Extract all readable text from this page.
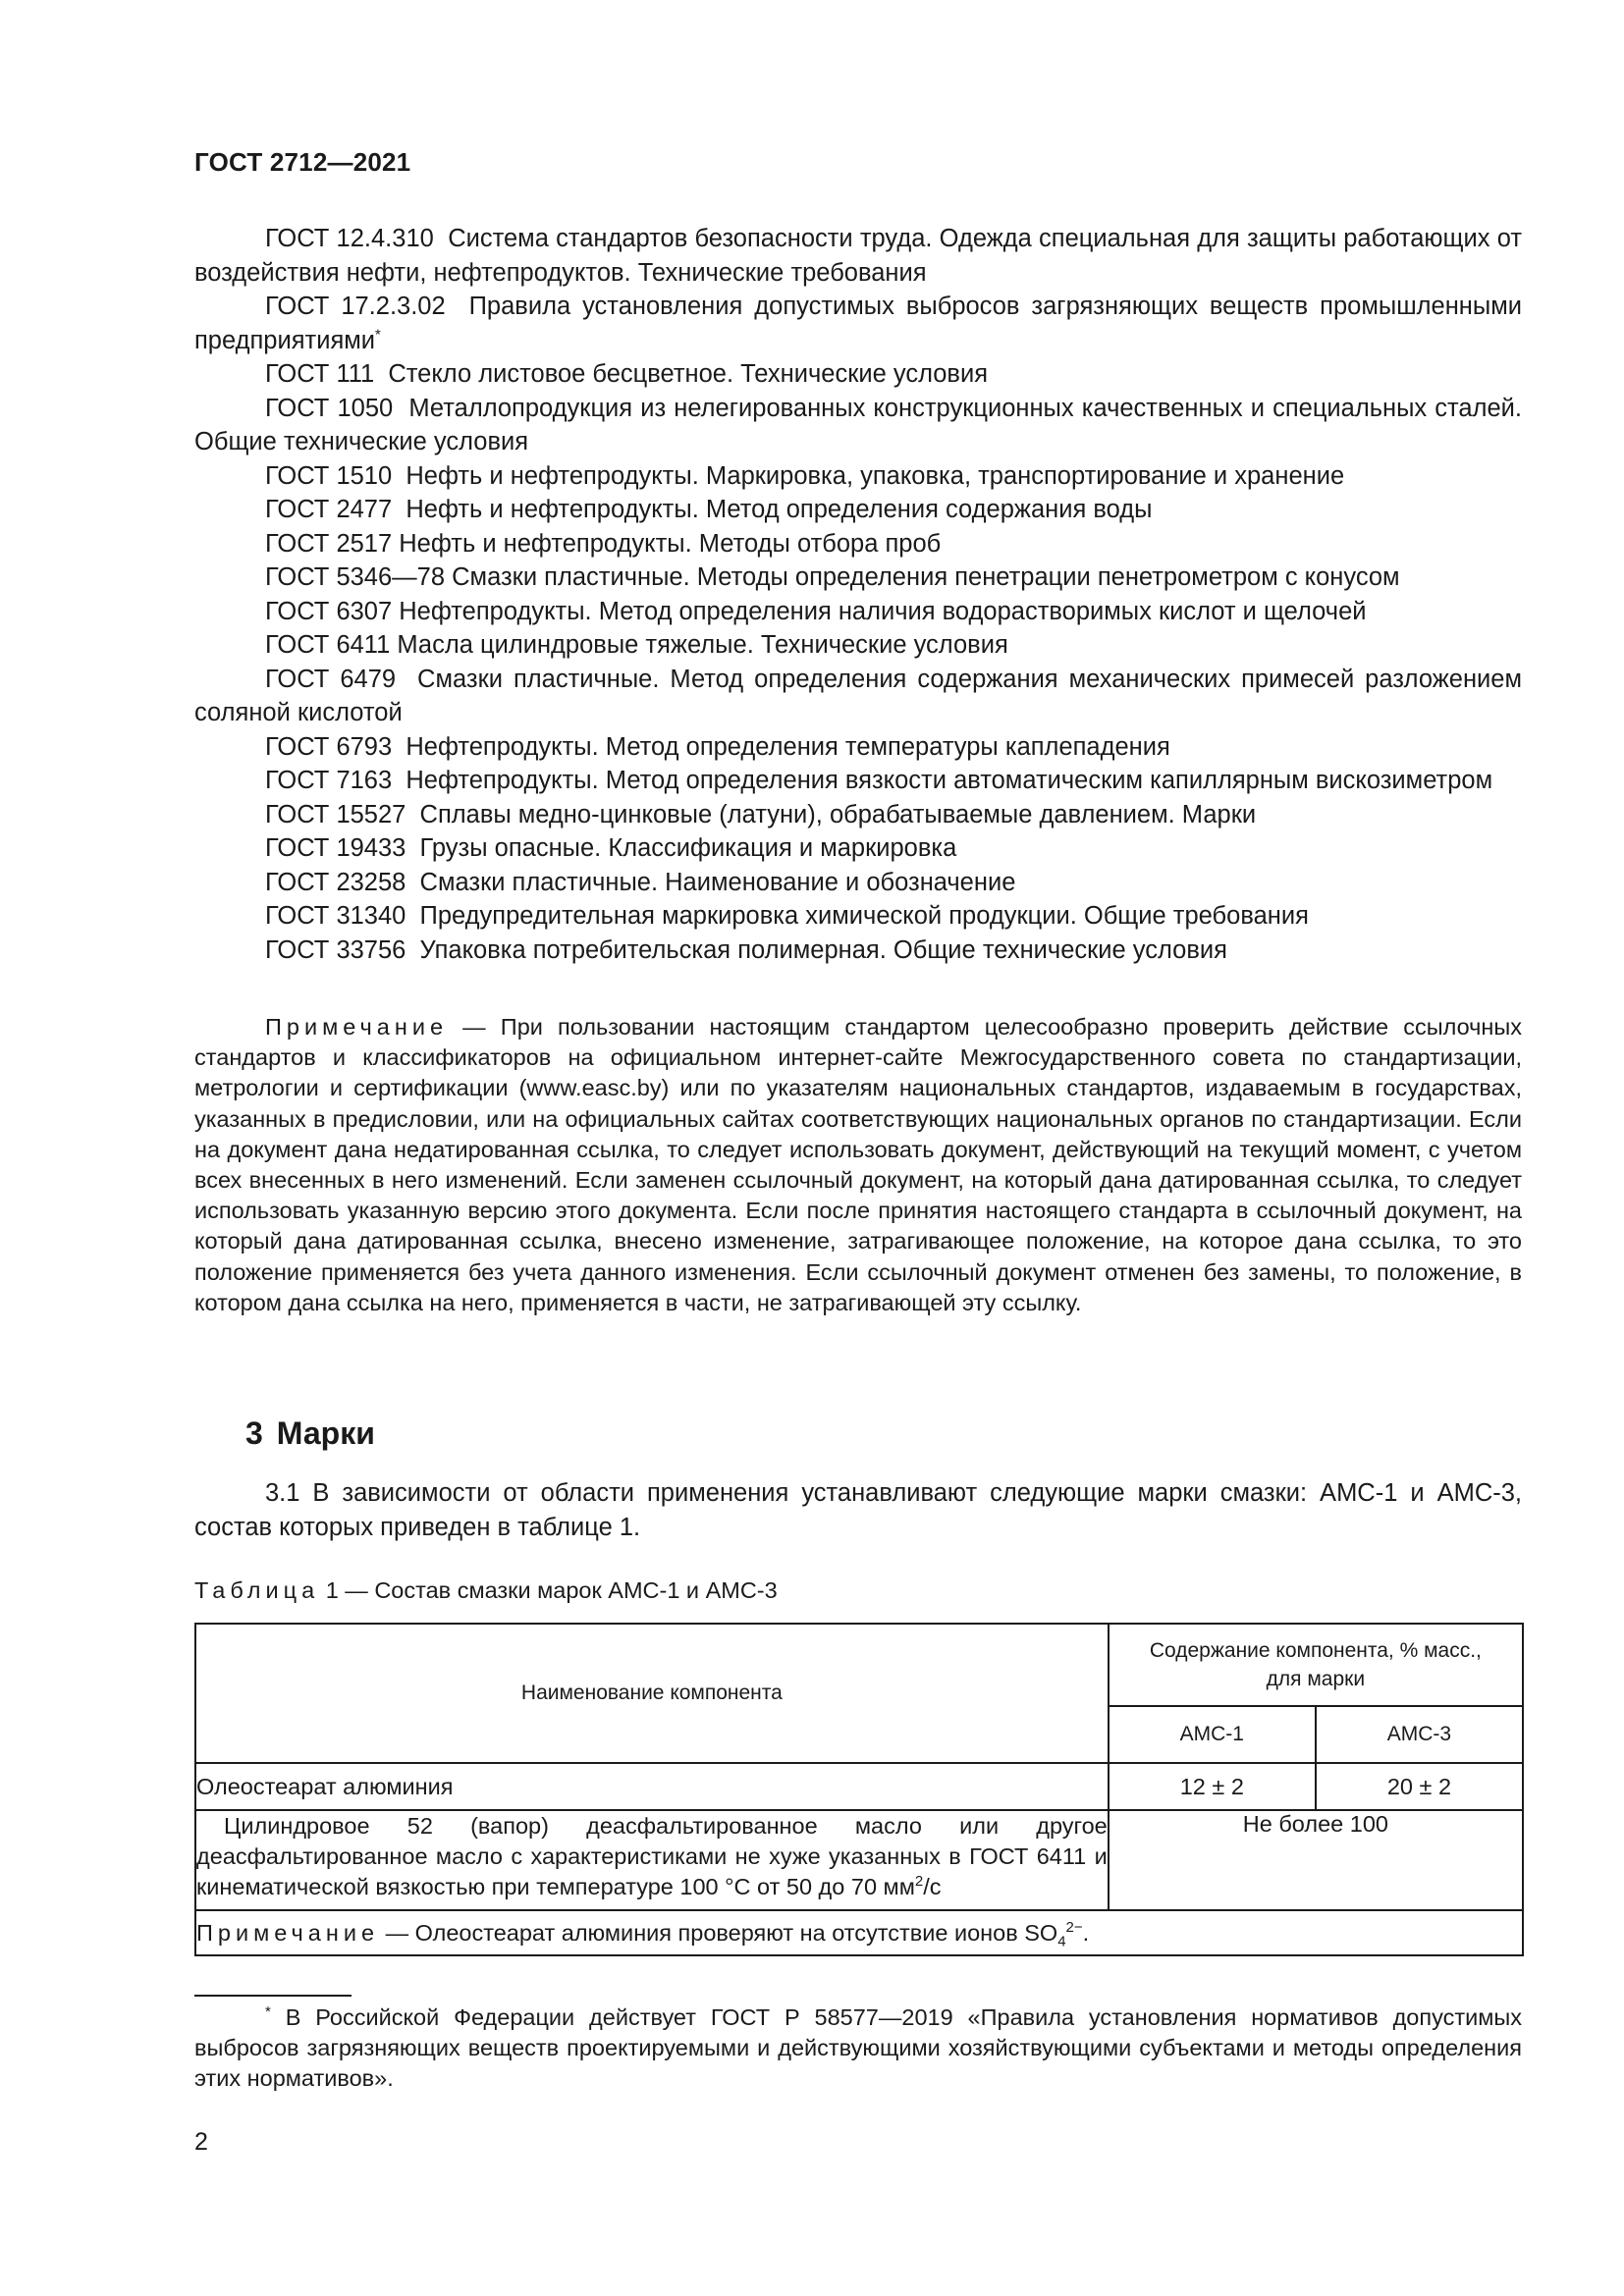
ГОСТ 2712—2021

ГОСТ 12.4.310 Система стандартов безопасности труда. Одежда специальная для защиты работающих от воздействия нефти, нефтепродуктов. Технические требования

ГОСТ 17.2.3.02 Правила установления допустимых выбросов загрязняющих веществ промышленными предприятиями*

ГОСТ 111 Стекло листовое бесцветное. Технические условия

ГОСТ 1050 Металлопродукция из нелегированных конструкционных качественных и специальных сталей. Общие технические условия

ГОСТ 1510 Нефть и нефтепродукты. Маркировка, упаковка, транспортирование и хранение

ГОСТ 2477 Нефть и нефтепродукты. Метод определения содержания воды

ГОСТ 2517 Нефть и нефтепродукты. Методы отбора проб

ГОСТ 5346—78 Смазки пластичные. Методы определения пенетрации пенетрометром с конусом

ГОСТ 6307 Нефтепродукты. Метод определения наличия водорастворимых кислот и щелочей

ГОСТ 6411 Масла цилиндровые тяжелые. Технические условия

ГОСТ 6479 Смазки пластичные. Метод определения содержания механических примесей разложением соляной кислотой

ГОСТ 6793 Нефтепродукты. Метод определения температуры каплепадения

ГОСТ 7163 Нефтепродукты. Метод определения вязкости автоматическим капиллярным вискозиметром

ГОСТ 15527 Сплавы медно-цинковые (латуни), обрабатываемые давлением. Марки

ГОСТ 19433 Грузы опасные. Классификация и маркировка

ГОСТ 23258 Смазки пластичные. Наименование и обозначение

ГОСТ 31340 Предупредительная маркировка химической продукции. Общие требования

ГОСТ 33756 Упаковка потребительская полимерная. Общие технические условия

Примечание — При пользовании настоящим стандартом целесообразно проверить действие ссылочных стандартов и классификаторов на официальном интернет-сайте Межгосударственного совета по стандартизации, метрологии и сертификации (www.easc.by) или по указателям национальных стандартов, издаваемым в государствах, указанных в предисловии, или на официальных сайтах соответствующих национальных органов по стандартизации. Если на документ дана недатированная ссылка, то следует использовать документ, действующий на текущий момент, с учетом всех внесенных в него изменений. Если заменен ссылочный документ, на который дана датированная ссылка, то следует использовать указанную версию этого документа. Если после принятия настоящего стандарта в ссылочный документ, на который дана датированная ссылка, внесено изменение, затрагивающее положение, на которое дана ссылка, то это положение применяется без учета данного изменения. Если ссылочный документ отменен без замены, то положение, в котором дана ссылка на него, применяется в части, не затрагивающей эту ссылку.

3 Марки

3.1 В зависимости от области применения устанавливают следующие марки смазки: АМС-1 и АМС-3, состав которых приведен в таблице 1.

Таблица 1 — Состав смазки марок АМС-1 и АМС-3

Наименование компонента	Содержание компонента, % масс.,
для марки	
	АМС-1	АМС-3
Олеостеарат алюминия	12 ± 2	20 ± 2
Цилиндровое 52 (вапор) деасфальтированное масло или другое деасфальтированное масло с характеристиками не хуже указанных в ГОСТ 6411 и кинематической вязкостью при температуре 100 °С от 50 до 70 $мм^2/с$	Не более 100	
Примечание — Олеостеарат алюминия проверяют на отсутствие ионов $SO_4^{2-}$.		

* В Российской Федерации действует ГОСТ Р 58577—2019 «Правила установления нормативов допустимых выбросов загрязняющих веществ проектируемыми и действующими хозяйствующими субъектами и методы определения этих нормативов».

2
